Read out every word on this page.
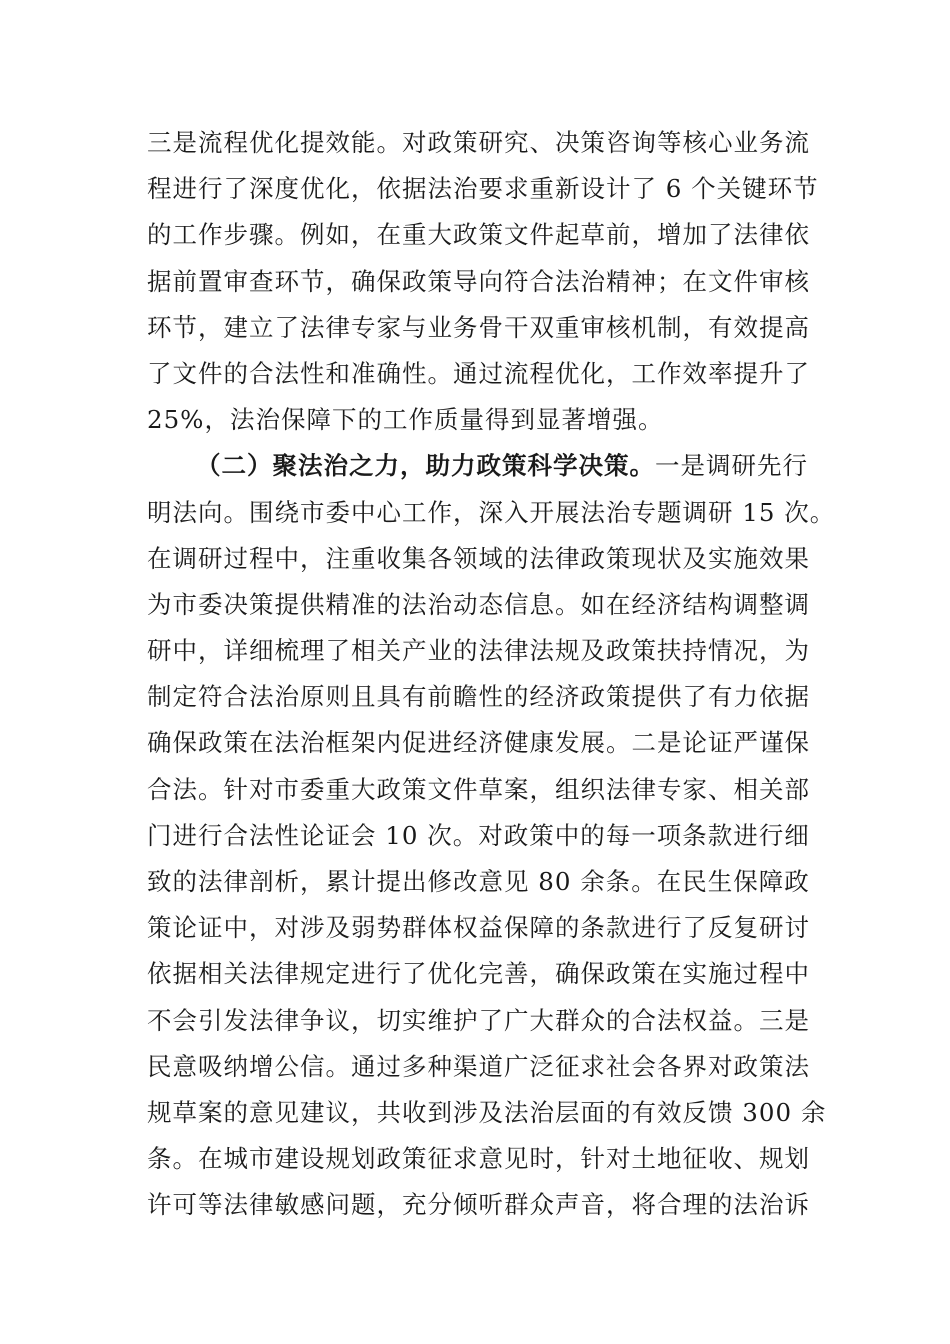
三是流程优化提效能。对政策研究、决策咨询等核心业务流
程进行了深度优化，依据法治要求重新设计了 6 个关键环节
的工作步骤。例如，在重大政策文件起草前，增加了法律依
据前置审查环节，确保政策导向符合法治精神；在文件审核
环节，建立了法律专家与业务骨干双重审核机制，有效提高
了文件的合法性和准确性。通过流程优化，工作效率提升了
25%，法治保障下的工作质量得到显著增强。
（二）聚法治之力，助力政策科学决策。一是调研先行
明法向。围绕市委中心工作，深入开展法治专题调研 15 次。
在调研过程中，注重收集各领域的法律政策现状及实施效果
为市委决策提供精准的法治动态信息。如在经济结构调整调
研中，详细梳理了相关产业的法律法规及政策扶持情况，为
制定符合法治原则且具有前瞻性的经济政策提供了有力依据
确保政策在法治框架内促进经济健康发展。二是论证严谨保
合法。针对市委重大政策文件草案，组织法律专家、相关部
门进行合法性论证会 10 次。对政策中的每一项条款进行细
致的法律剖析，累计提出修改意见 80 余条。在民生保障政
策论证中，对涉及弱势群体权益保障的条款进行了反复研讨
依据相关法律规定进行了优化完善，确保政策在实施过程中
不会引发法律争议，切实维护了广大群众的合法权益。三是
民意吸纳增公信。通过多种渠道广泛征求社会各界对政策法
规草案的意见建议，共收到涉及法治层面的有效反馈 300 余
条。在城市建设规划政策征求意见时，针对土地征收、规划
许可等法律敏感问题，充分倾听群众声音，将合理的法治诉
